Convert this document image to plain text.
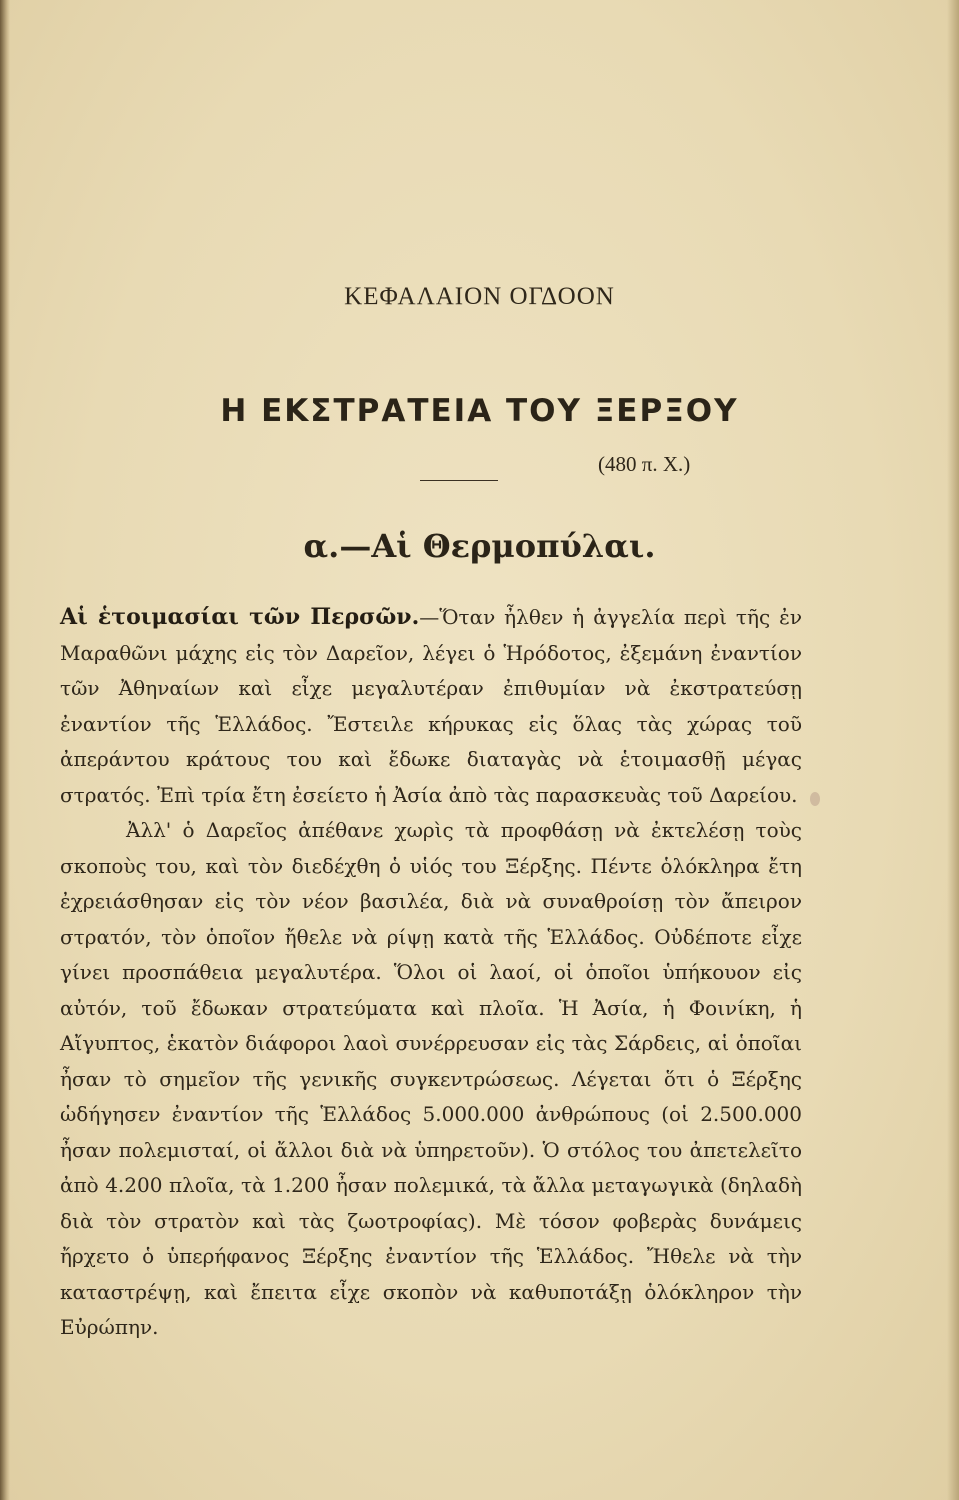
ΚΕΦΑΛΑΙΟΝ ΟΓΔΟΟΝ
Η ΕΚΣΤΡΑΤΕΙΑ ΤΟΥ ΞΕΡΞΟΥ
(480 π. Χ.)
α.—Αἱ Θερμοπύλαι.

Αἱ ἑτοιμασίαι τῶν Περσῶν.—Ὅταν ἦλθεν ἡ ἀγγελία περὶ τῆς ἐν Μαραθῶνι μάχης εἰς τὸν Δαρεῖον, λέγει ὁ Ἡρόδοτος, ἐξεμάνη ἐναντίον τῶν Ἀθηναίων καὶ εἶχε μεγαλυτέραν ἐπιθυμίαν νὰ ἐκστρατεύσῃ ἐναντίον τῆς Ἑλλάδος. Ἔστειλε κήρυκας εἰς ὅλας τὰς χώρας τοῦ ἀπεράντου κράτους του καὶ ἔδωκε διαταγὰς νὰ ἑτοιμασθῇ μέγας στρατός. Ἐπὶ τρία ἔτη ἐσείετο ἡ Ἀσία ἀπὸ τὰς παρασκευὰς τοῦ Δαρείου.

Ἀλλ' ὁ Δαρεῖος ἀπέθανε χωρὶς τὰ προφθάσῃ νὰ ἐκτελέσῃ τοὺς σκοποὺς του, καὶ τὸν διεδέχθη ὁ υἱός του Ξέρξης. Πέντε ὁλόκληρα ἔτη ἐχρειάσθησαν εἰς τὸν νέον βασιλέα, διὰ νὰ συναθροίσῃ τὸν ἄπειρον στρατόν, τὸν ὁποῖον ἤθελε νὰ ρίψῃ κατὰ τῆς Ἑλλάδος. Οὐδέποτε εἶχε γίνει προσπάθεια μεγαλυτέρα. Ὅλοι οἱ λαοί, οἱ ὁποῖοι ὑπήκουον εἰς αὐτόν, τοῦ ἔδωκαν στρατεύματα καὶ πλοῖα. Ἡ Ἀσία, ἡ Φοινίκη, ἡ Αἴγυπτος, ἑκατὸν διάφοροι λαοὶ συνέρρευσαν εἰς τὰς Σάρδεις, αἱ ὁποῖαι ἦσαν τὸ σημεῖον τῆς γενικῆς συγκεντρώσεως. Λέγεται ὅτι ὁ Ξέρξης ὡδήγησεν ἐναντίον τῆς Ἑλλάδος 5.000.000 ἀνθρώπους (οἱ 2.500.000 ἦσαν πολεμισταί, οἱ ἄλλοι διὰ νὰ ὑπηρετοῦν). Ὁ στόλος του ἀπετελεῖτο ἀπὸ 4.200 πλοῖα, τὰ 1.200 ἦσαν πολεμικά, τὰ ἄλλα μεταγωγικὰ (δηλαδὴ διὰ τὸν στρατὸν καὶ τὰς ζωοτροφίας). Μὲ τόσον φοβερὰς δυνάμεις ἤρχετο ὁ ὑπερήφανος Ξέρξης ἐναντίον τῆς Ἑλλάδος. Ἤθελε νὰ τὴν καταστρέψῃ, καὶ ἔπειτα εἶχε σκοπὸν νὰ καθυποτάξῃ ὁλόκληρον τὴν Εὐρώπην.
